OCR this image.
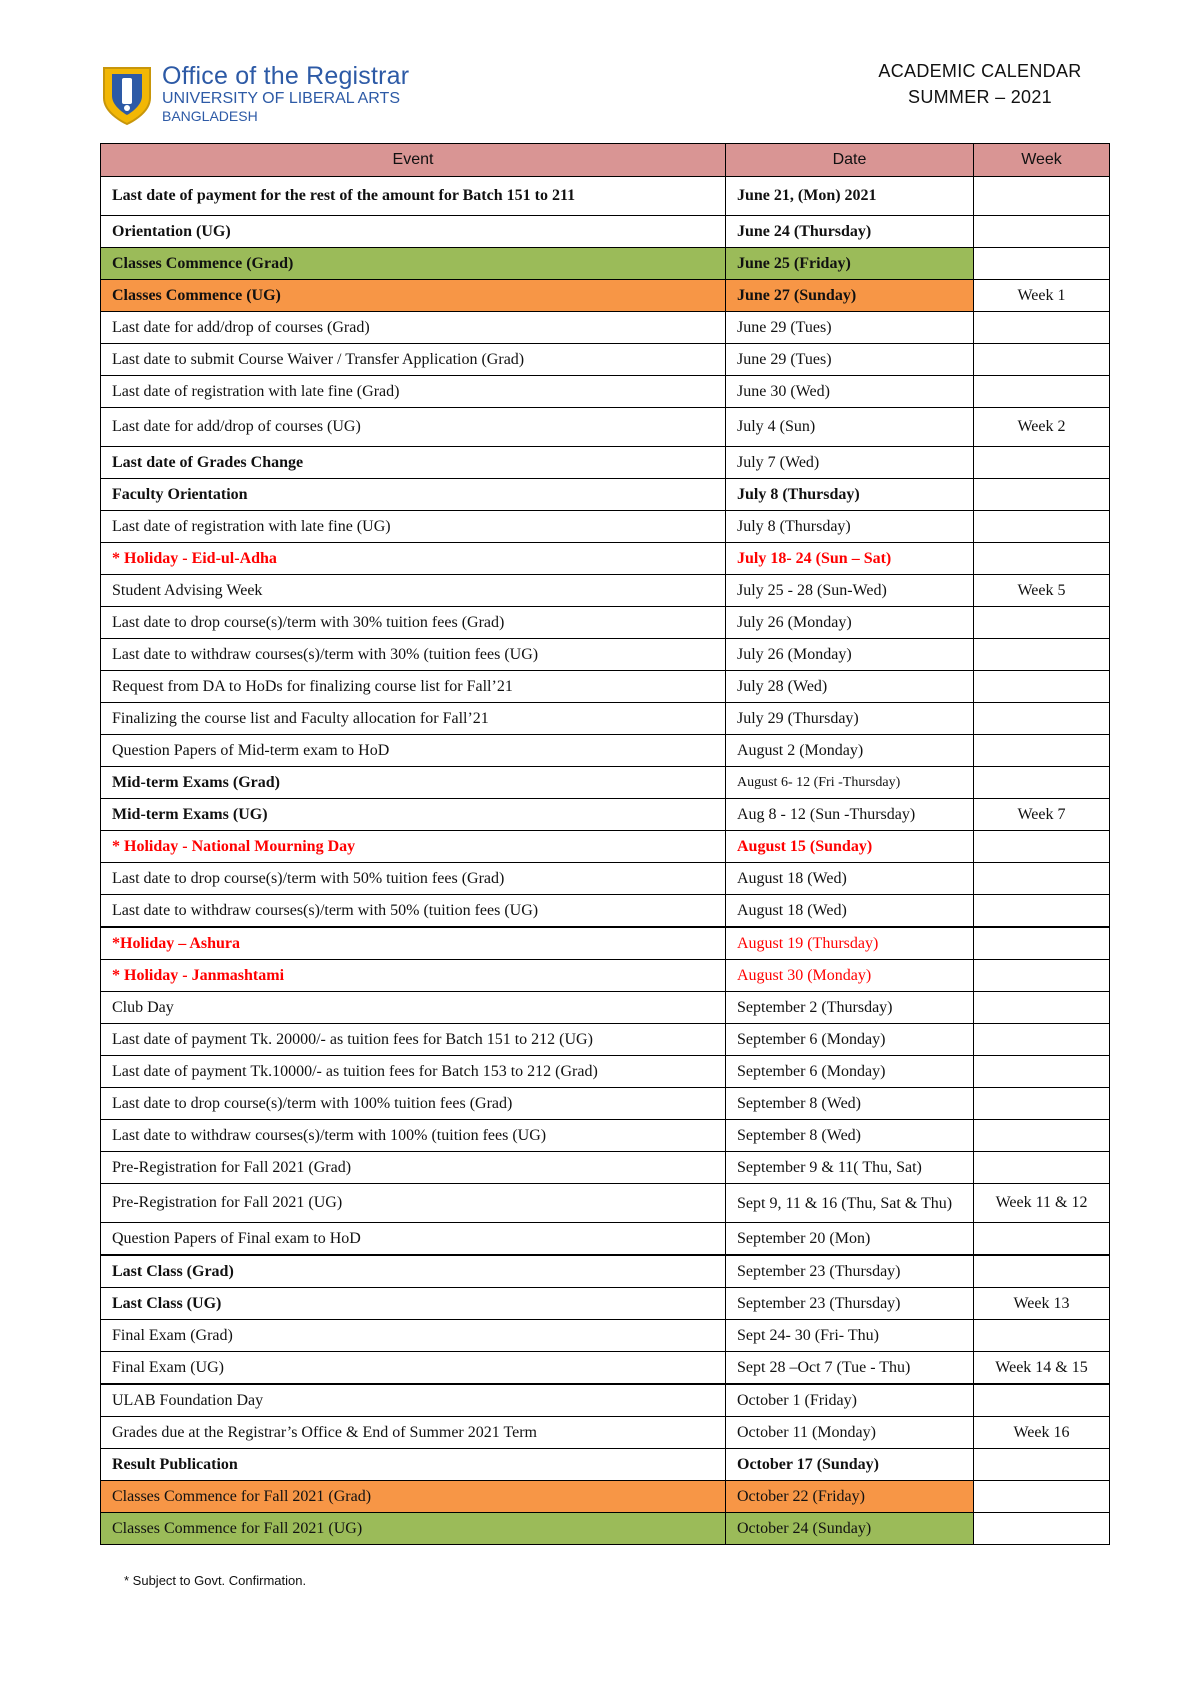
Office of the Registrar
UNIVERSITY OF LIBERAL ARTS
BANGLADESH
ACADEMIC CALENDAR
SUMMER – 2021
Event	Date	Week
Last date of payment for the rest of the amount for Batch 151 to 211	June 21, (Mon) 2021	
Orientation (UG)	June 24 (Thursday)	
Classes Commence (Grad)	June 25 (Friday)	
Classes Commence (UG)	June 27 (Sunday)	Week 1
Last date for add/drop of courses (Grad)	June 29 (Tues)	
Last date to submit Course Waiver / Transfer Application (Grad)	June 29 (Tues)	
Last date of registration with late fine (Grad)	June 30 (Wed)	
Last date for add/drop of courses (UG)	July 4 (Sun)	Week 2
Last date of Grades Change	July 7 (Wed)	
Faculty Orientation	July 8 (Thursday)	
Last date of registration with late fine (UG)	July 8 (Thursday)	
* Holiday - Eid-ul-Adha	July 18- 24 (Sun – Sat)	
Student Advising Week	July 25 - 28 (Sun-Wed)	Week 5
Last date to drop course(s)/term with 30% tuition fees (Grad)	July 26 (Monday)	
Last date to withdraw courses(s)/term with 30% (tuition fees (UG)	July 26 (Monday)	
Request from DA to HoDs for finalizing course list for Fall’21	July 28 (Wed)	
Finalizing the course list and Faculty allocation for Fall’21	July 29 (Thursday)	
Question Papers of Mid-term exam to HoD	August 2 (Monday)	
Mid-term Exams (Grad)	August 6- 12 (Fri -Thursday)	
Mid-term Exams (UG)	Aug 8 - 12 (Sun -Thursday)	Week 7
* Holiday - National Mourning Day	August 15 (Sunday)	
Last date to drop course(s)/term with 50% tuition fees (Grad)	August 18 (Wed)	
Last date to withdraw courses(s)/term with 50% (tuition fees (UG)	August 18 (Wed)	
*Holiday – Ashura	August 19 (Thursday)	
* Holiday - Janmashtami	August 30 (Monday)	
Club Day	September 2 (Thursday)	
Last date of payment Tk. 20000/- as tuition fees for Batch 151 to 212 (UG)	September 6 (Monday)	
Last date of payment Tk.10000/- as tuition fees for Batch 153 to 212 (Grad)	September 6 (Monday)	
Last date to drop course(s)/term with 100% tuition fees (Grad)	September 8 (Wed)	
Last date to withdraw courses(s)/term with 100% (tuition fees (UG)	September 8 (Wed)	
Pre-Registration for Fall 2021 (Grad)	September 9 & 11( Thu, Sat)	
Pre-Registration for Fall 2021 (UG)	Sept 9, 11 & 16 (Thu, Sat & Thu)	Week 11 & 12
Question Papers of Final exam to HoD	September 20 (Mon)	
Last Class (Grad)	September 23 (Thursday)	
Last Class (UG)	September 23 (Thursday)	Week 13
Final Exam (Grad)	Sept 24- 30 (Fri- Thu)	
Final Exam (UG)	Sept 28 –Oct 7 (Tue - Thu)	Week 14 & 15
ULAB Foundation Day	October 1 (Friday)	
Grades due at the Registrar’s Office & End of Summer 2021 Term	October 11 (Monday)	Week 16
Result Publication	October 17 (Sunday)	
Classes Commence for Fall 2021 (Grad)	October 22 (Friday)	
Classes Commence for Fall 2021 (UG)	October 24 (Sunday)	
* Subject to Govt. Confirmation.
